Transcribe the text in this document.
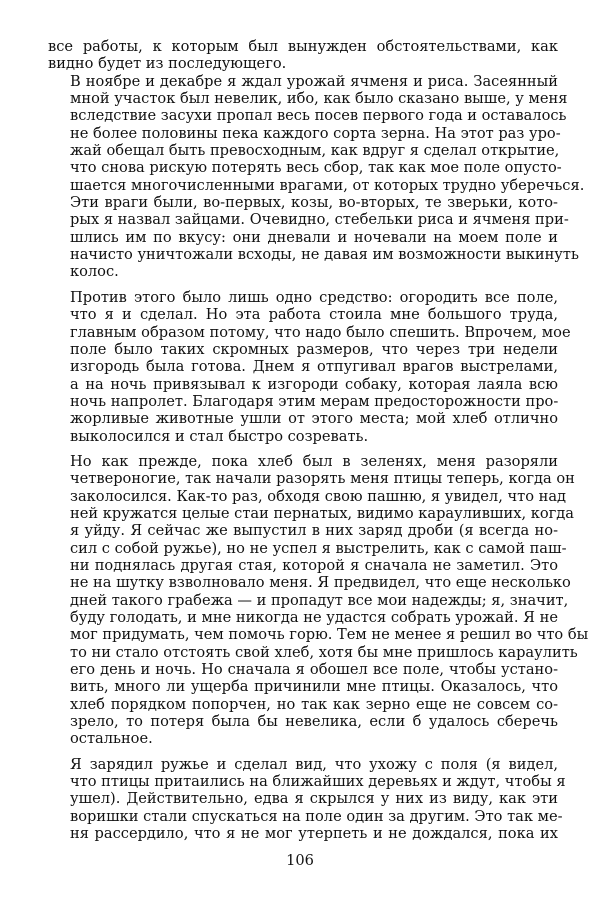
все работы, к которым был вынужден обстоятельствами, как
видно будет из последующего.

В ноябре и декабре я ждал урожай ячменя и риса. Засеянный
мной участок был невелик, ибо, как было сказано выше, у меня
вследствие засухи пропал весь посев первого года и оставалось
не более половины пека каждого сорта зерна. На этот раз уро-
жай обещал быть превосходным, как вдруг я сделал открытие,
что снова рискую потерять весь сбор, так как мое поле опусто-
шается многочисленными врагами, от которых трудно уберечься.
Эти враги были, во-первых, козы, во-вторых, те зверьки, кото-
рых я назвал зайцами. Очевидно, стебельки риса и ячменя при-
шлись им по вкусу: они дневали и ночевали на моем поле и
начисто уничтожали всходы, не давая им возможности выкинуть
колос.

Против этого было лишь одно средство: огородить все поле,
что я и сделал. Но эта работа стоила мне большого труда,
главным образом потому, что надо было спешить. Впрочем, мое
поле было таких скромных размеров, что через три недели
изгородь была готова. Днем я отпугивал врагов выстрелами,
а на ночь привязывал к изгороди собаку, которая лаяла всю
ночь напролет. Благодаря этим мерам предосторожности про-
жорливые животные ушли от этого места; мой хлеб отлично
выколосился и стал быстро созревать.

Но как прежде, пока хлеб был в зеленях, меня разоряли
четвероногие, так начали разорять меня птицы теперь, когда он
заколосился. Как-то раз, обходя свою пашню, я увидел, что над
ней кружатся целые стаи пернатых, видимо карауливших, когда
я уйду. Я сейчас же выпустил в них заряд дроби (я всегда но-
сил с собой ружье), но не успел я выстрелить, как с самой паш-
ни поднялась другая стая, которой я сначала не заметил. Это
не на шутку взволновало меня. Я предвидел, что еще несколько
дней такого грабежа — и пропадут все мои надежды; я, значит,
буду голодать, и мне никогда не удастся собрать урожай. Я не
мог придумать, чем помочь горю. Тем не менее я решил во что бы
то ни стало отстоять свой хлеб, хотя бы мне пришлось караулить
его день и ночь. Но сначала я обошел все поле, чтобы устано-
вить, много ли ущерба причинили мне птицы. Оказалось, что
хлеб порядком попорчен, но так как зерно еще не совсем со-
зрело, то потеря была бы невелика, если б удалось сберечь
остальное.

Я зарядил ружье и сделал вид, что ухожу с поля (я видел,
что птицы притаились на ближайших деревьях и ждут, чтобы я
ушел). Действительно, едва я скрылся у них из виду, как эти
воришки стали спускаться на поле один за другим. Это так ме-
ня рассердило, что я не мог утерпеть и не дождался, пока их

106
